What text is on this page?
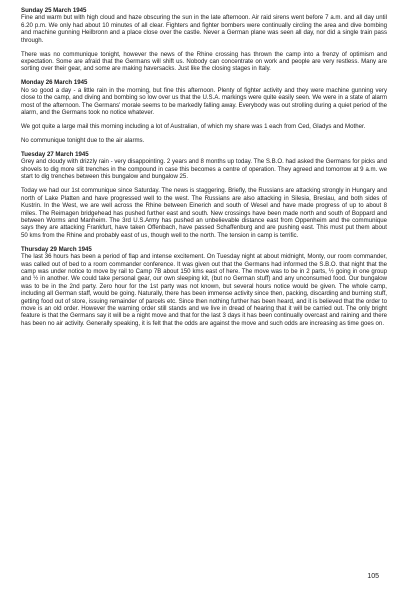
Sunday 25 March 1945

Fine and warm but with high cloud and haze obscuring the sun in the late afternoon. Air raid sirens went before 7 a.m. and all day until 6.20 p.m. We only had about 10 minutes of all clear. Fighters and fighter bombers were continually circling the area and dive bombing and machine gunning Heilbronn and a place close over the castle. Never a German plane was seen all day, nor did a single train pass through.

There was no communique tonight, however the news of the Rhine crossing has thrown the camp into a frenzy of optimism and expectation. Some are afraid that the Germans will shift us. Nobody can concentrate on work and people are very restless. Many are sorting over their gear, and some are making haversacks. Just like the closing stages in Italy.

Monday 26 March 1945

No so good a day - a little rain in the morning, but fine this afternoon. Plenty of fighter activity and they were machine gunning very close to the camp, and diving and bombing so low over us that the U.S.A. markings were quite easily seen. We were in a state of alarm most of the afternoon. The Germans' morale seems to be markedly falling away. Everybody was out strolling during a quiet period of the alarm, and the Germans took no notice whatever.

We got quite a large mail this morning including a lot of Australian, of which my share was 1 each from Ced, Gladys and Mother.

No communique tonight due to the air alarms.

Tuesday 27 March 1945

Grey and cloudy with drizzly rain - very disappointing. 2 years and 8 months up today. The S.B.O. had asked the Germans for picks and shovels to dig more slit trenches in the compound in case this becomes a centre of operation. They agreed and tomorrow at 9 a.m. we start to dig trenches between this bungalow and bungalow 25.

Today we had our 1st communique since Saturday. The news is staggering. Briefly, the Russians are attacking strongly in Hungary and north of Lake Platten and have progressed well to the west. The Russians are also attacking in Silesia, Breslau, and both sides of Kustrin. In the West, we are well across the Rhine between Einerich and south of Wesel and have made progress of up to about 8 miles. The Reimagen bridgehead has pushed further east and south. New crossings have been made north and south of Boppard and between Worms and Manheim. The 3rd U.S.Army has pushed an unbelievable distance east from Oppenheim and the communique says they are attacking Frankfurt, have taken Offenbach, have passed Schaffenburg and are pushing east. This must put them about 50 kms from the Rhine and probably east of us, though well to the north. The tension in camp is terrific.

Thursday 29 March 1945

The last 36 hours has been a period of flap and intense excitement. On Tuesday night at about midnight, Monty, our room commander, was called out of bed to a room commander conference. It was given out that the Germans had informed the S.B.O. that night that the camp was under notice to move by rail to Camp 7B about 150 kms east of here. The move was to be in 2 parts, ½ going in one group and ½ in another. We could take personal gear, our own sleeping kit, (but no German stuff) and any unconsumed food. Our bungalow was to be in the 2nd party. Zero hour for the 1st party was not known, but several hours notice would be given. The whole camp, including all German staff, would be going. Naturally, there has been immense activity since then, packing, discarding and burning stuff, getting food out of store, issuing remainder of parcels etc. Since then nothing further has been heard, and it is believed that the order to move is an old order. However the warning order still stands and we live in dread of hearing that it will be carried out. The only bright feature is that the Germans say it will be a night move and that for the last 3 days it has been continually overcast and raining and there has been no air activity. Generally speaking, it is felt that the odds are against the move and such odds are increasing as time goes on.

105
